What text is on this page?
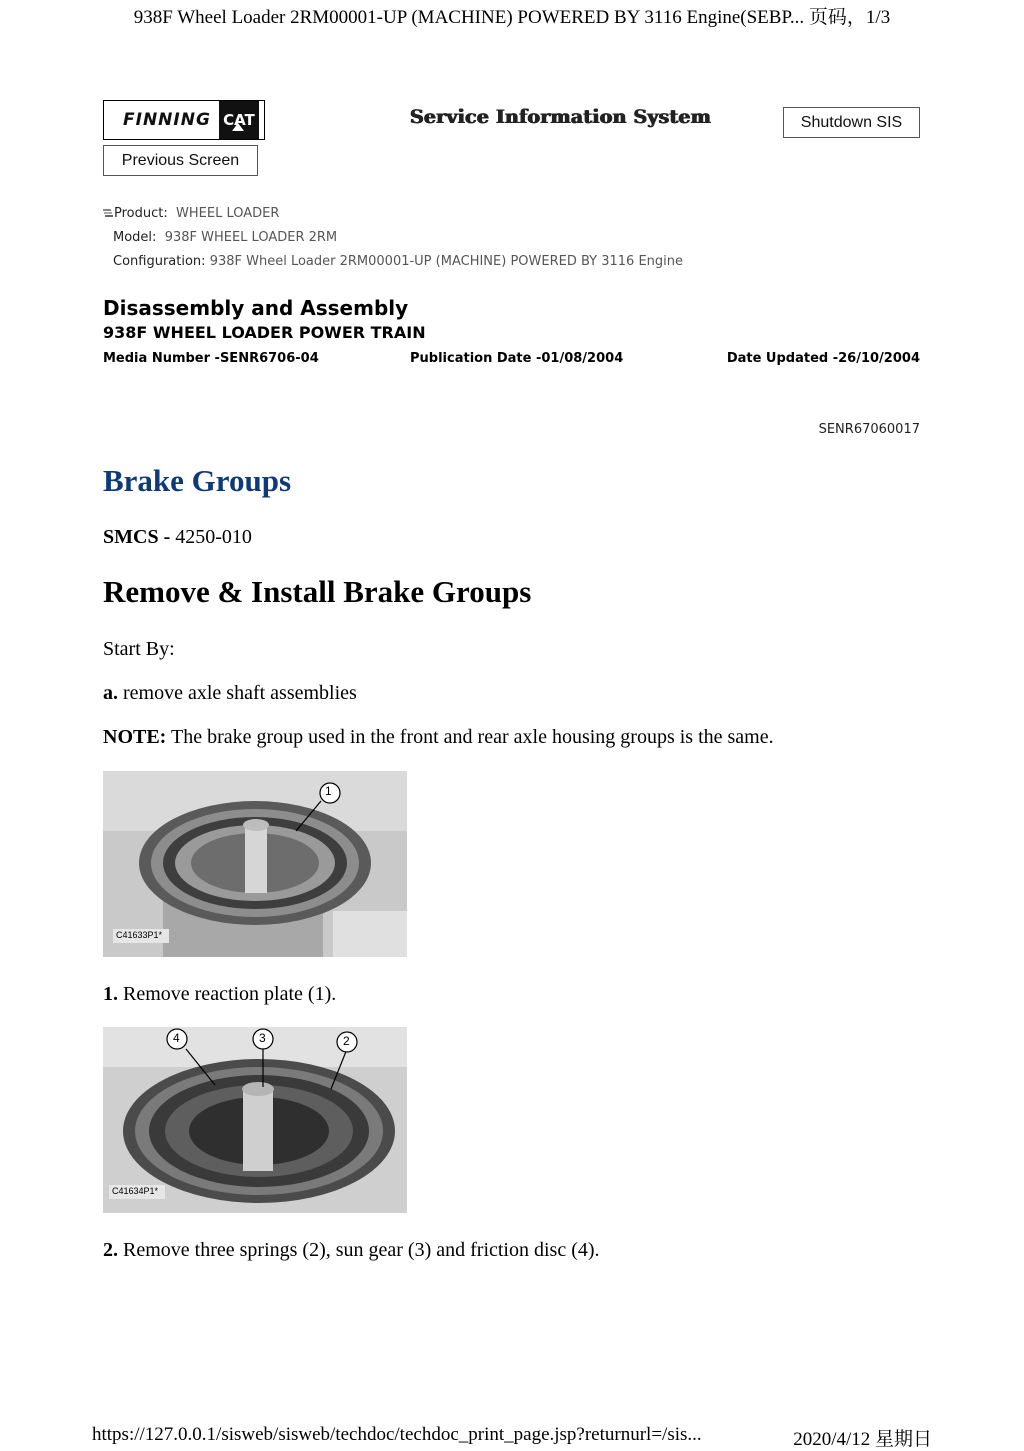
938F Wheel Loader 2RM00001-UP (MACHINE) POWERED BY 3116 Engine(SEBP... 页码，1/3
FINNING CAT	Service Information System	Shutdown SIS
Previous Screen
Product: WHEEL LOADER
Model: 938F WHEEL LOADER 2RM
Configuration: 938F Wheel Loader 2RM00001-UP (MACHINE) POWERED BY 3116 Engine
Disassembly and Assembly
938F WHEEL LOADER POWER TRAIN
Media Number -SENR6706-04	Publication Date -01/08/2004	Date Updated -26/10/2004
SENR67060017
Brake Groups
SMCS - 4250-010
Remove & Install Brake Groups
Start By:
a. remove axle shaft assemblies
NOTE: The brake group used in the front and rear axle housing groups is the same.
1
C41633P1*
1. Remove reaction plate (1).
4	3	2
C41634P1*
2. Remove three springs (2), sun gear (3) and friction disc (4).
https://127.0.0.1/sisweb/sisweb/techdoc/techdoc_print_page.jsp?returnurl=/sis...	2020/4/12 星期日
